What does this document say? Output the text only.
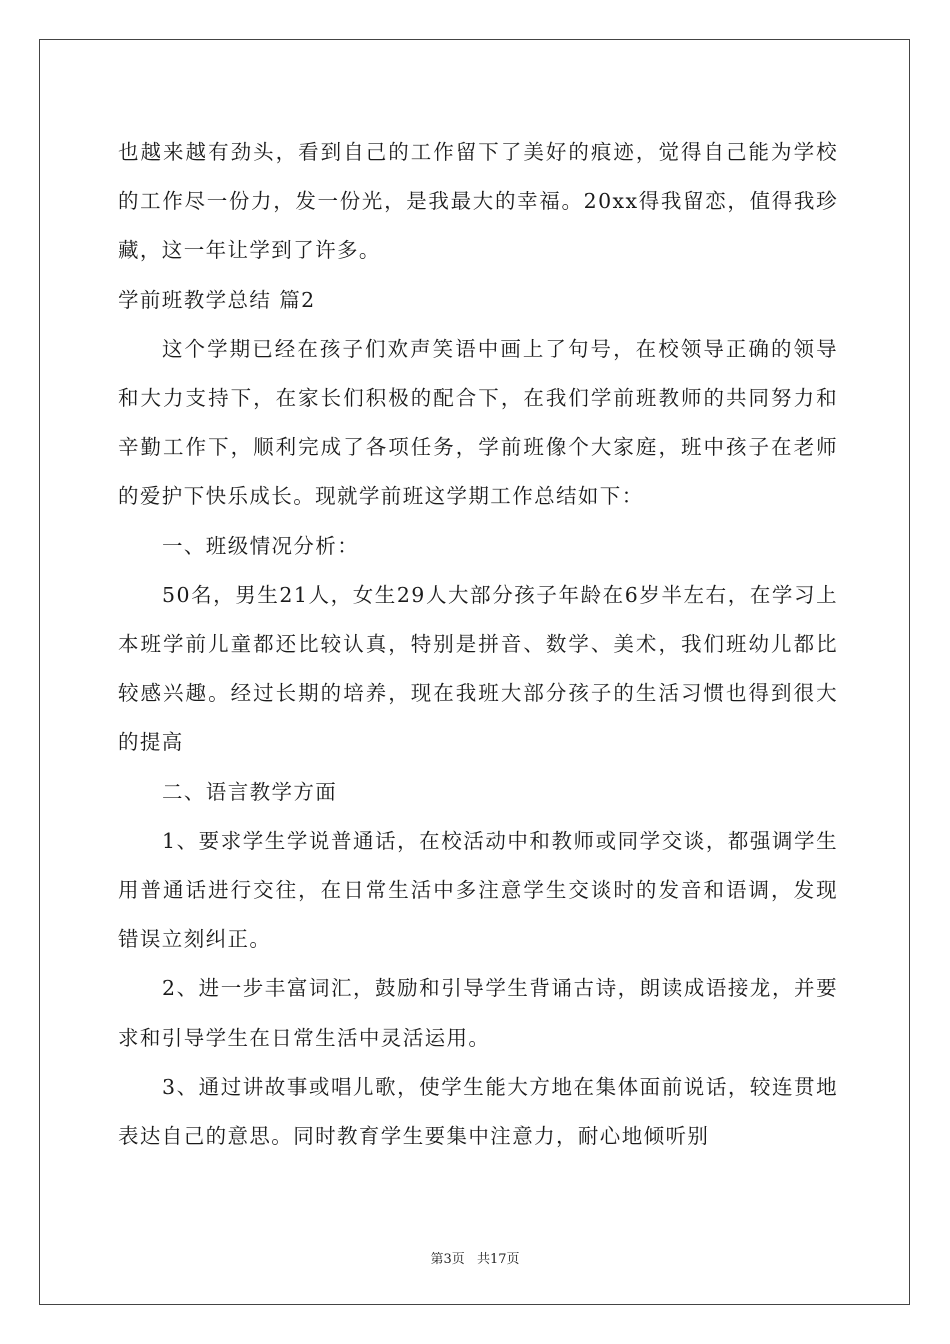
也越来越有劲头，看到自己的工作留下了美好的痕迹，觉得自己能为学校的工作尽一份力，发一份光，是我最大的幸福。20xx得我留恋，值得我珍藏，这一年让学到了许多。

学前班教学总结 篇2

这个学期已经在孩子们欢声笑语中画上了句号，在校领导正确的领导和大力支持下，在家长们积极的配合下，在我们学前班教师的共同努力和辛勤工作下，顺利完成了各项任务，学前班像个大家庭，班中孩子在老师的爱护下快乐成长。现就学前班这学期工作总结如下：

一、班级情况分析：

50名，男生21人，女生29人大部分孩子年龄在6岁半左右，在学习上本班学前儿童都还比较认真，特别是拼音、数学、美术，我们班幼儿都比较感兴趣。经过长期的培养，现在我班大部分孩子的生活习惯也得到很大的提高

二、语言教学方面

1、要求学生学说普通话，在校活动中和教师或同学交谈，都强调学生用普通话进行交往，在日常生活中多注意学生交谈时的发音和语调，发现错误立刻纠正。

2、进一步丰富词汇，鼓励和引导学生背诵古诗，朗读成语接龙，并要求和引导学生在日常生活中灵活运用。

3、通过讲故事或唱儿歌，使学生能大方地在集体面前说话，较连贯地表达自己的意思。同时教育学生要集中注意力，耐心地倾听别

第3页 共17页
